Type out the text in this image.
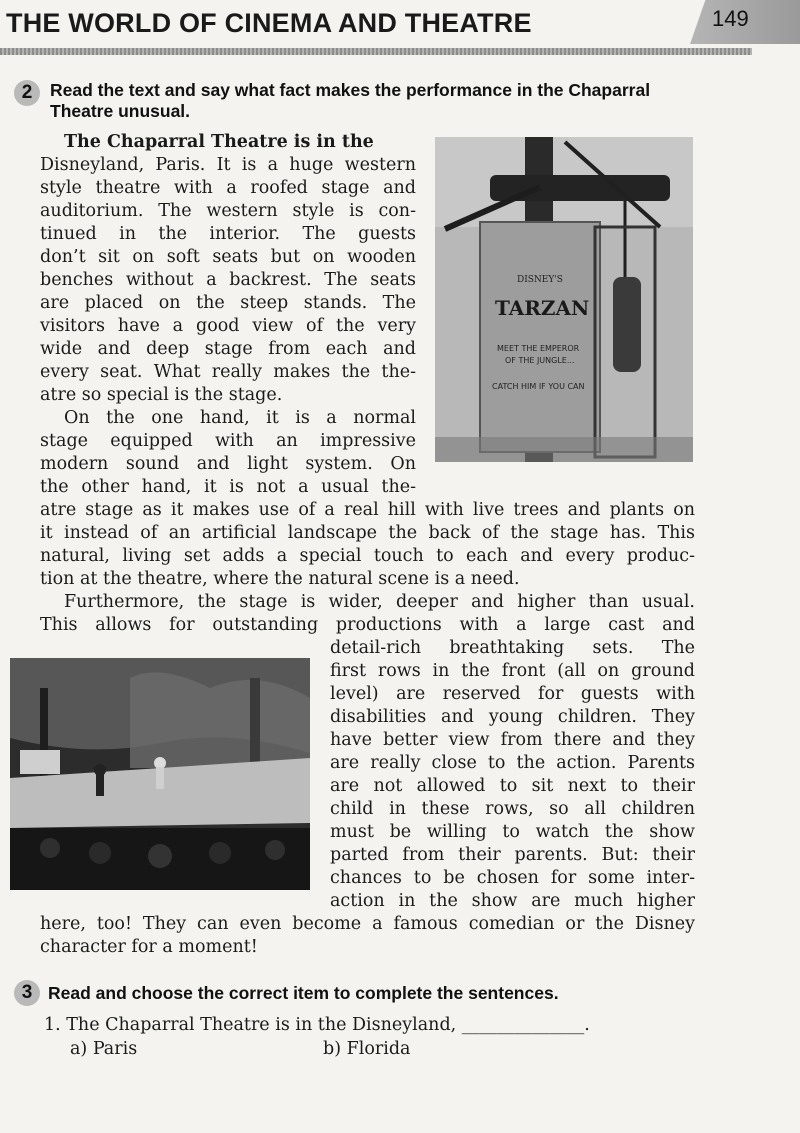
149
THE WORLD OF CINEMA AND THEATRE
2	Read the text and say what fact makes the performance in the Chaparral Theatre unusual.
DISNEY'S
TARZAN
MEET THE EMPEROR
OF THE JUNGLE...
CATCH HIM IF YOU CAN
The Chaparral Theatre is in the
Disneyland, Paris. It is a huge western
style theatre with a roofed stage and
auditorium. The western style is con-
tinued in the interior. The guests
don’t sit on soft seats but on wooden
benches without a backrest. The seats
are placed on the steep stands. The
visitors have a good view of the very
wide and deep stage from each and
every seat. What really makes the the-
atre so special is the stage.
On the one hand, it is a normal
stage equipped with an impressive
modern sound and light system. On
the other hand, it is not a usual the-
atre stage as it makes use of a real hill with live trees and plants on
it instead of an artificial landscape the back of the stage has. This
natural, living set adds a special touch to each and every produc-
tion at the theatre, where the natural scene is a need.
Furthermore, the stage is wider, deeper and higher than usual.
This allows for outstanding productions with a large cast and
detail-rich breathtaking sets. The
first rows in the front (all on ground
level) are reserved for guests with
disabilities and young children. They
have better view from there and they
are really close to the action. Parents
are not allowed to sit next to their
child in these rows, so all children
must be willing to watch the show
parted from their parents. But: their
chances to be chosen for some inter-
action in the show are much higher
here, too! They can even become a famous comedian or the Disney
character for a moment!
3 Read and choose the correct item to complete the sentences.
1. The Chaparral Theatre is in the Disneyland, ______________.
a) Paris	b) Florida
